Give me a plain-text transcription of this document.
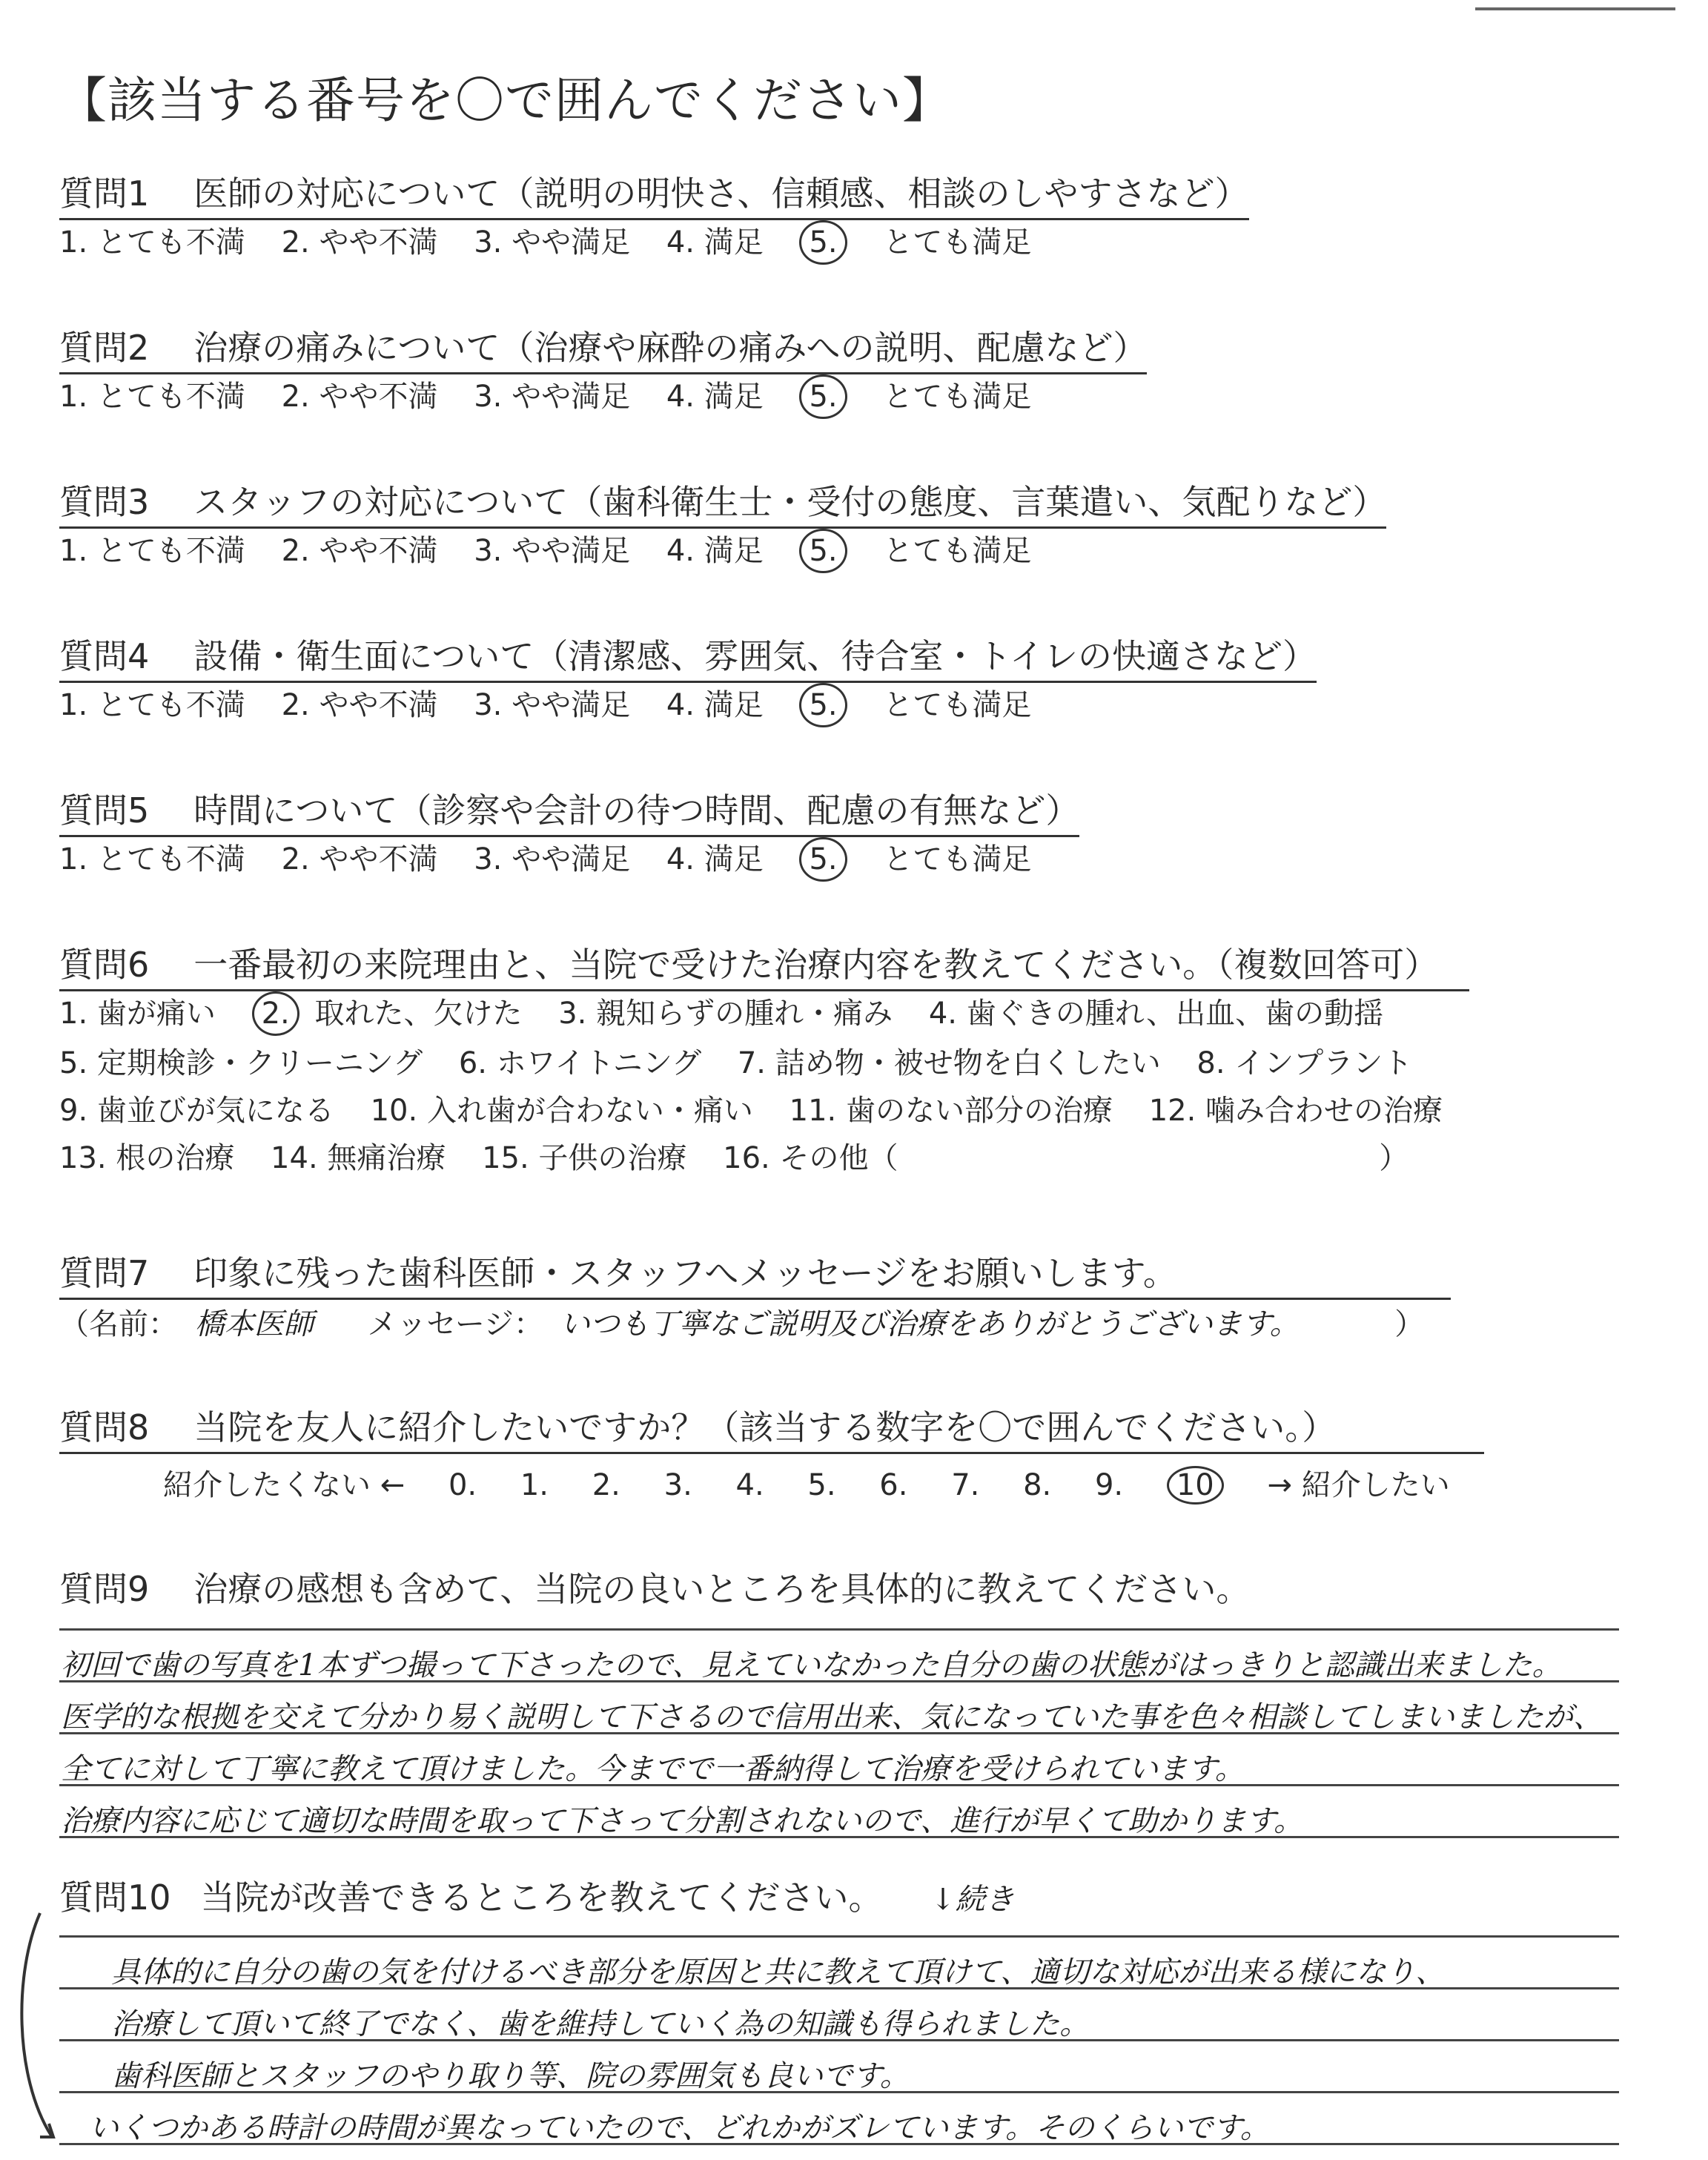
【該当する番号を〇で囲んでください】
質問1 医師の対応について（説明の明快さ、信頼感、相談のしやすさなど）
1. とても不満 2. やや不満 3. やや満足 4. 満足 5. とても満足
質問2 治療の痛みについて（治療や麻酔の痛みへの説明、配慮など）
1. とても不満 2. やや不満 3. やや満足 4. 満足 5. とても満足
質問3 スタッフの対応について（歯科衛生士・受付の態度、言葉遣い、気配りなど）
1. とても不満 2. やや不満 3. やや満足 4. 満足 5. とても満足
質問4 設備・衛生面について（清潔感、雰囲気、待合室・トイレの快適さなど）
1. とても不満 2. やや不満 3. やや満足 4. 満足 5. とても満足
質問5 時間について（診察や会計の待つ時間、配慮の有無など）
1. とても不満 2. やや不満 3. やや満足 4. 満足 5. とても満足
質問6 一番最初の来院理由と、当院で受けた治療内容を教えてください。（複数回答可）
1. 歯が痛い 2. 取れた、欠けた 3. 親知らずの腫れ・痛み 4. 歯ぐきの腫れ、出血、歯の動揺
5. 定期検診・クリーニング 6. ホワイトニング 7. 詰め物・被せ物を白くしたい 8. インプラント
9. 歯並びが気になる 10. 入れ歯が合わない・痛い 11. 歯のない部分の治療 12. 噛み合わせの治療
13. 根の治療 14. 無痛治療 15. 子供の治療 16. その他（	）
質問7 印象に残った歯科医師・スタッフへメッセージをお願いします。
（名前： 橋本医師 メッセージ： いつも丁寧なご説明及び治療をありがとうございます。	）
質問8 当院を友人に紹介したいですか？（該当する数字を〇で囲んでください。）
紹介したくない ← 0. 1. 2. 3. 4. 5. 6. 7. 8. 9. 10 → 紹介したい
質問9 治療の感想も含めて、当院の良いところを具体的に教えてください。
初回で歯の写真を1本ずつ撮って下さったので、見えていなかった自分の歯の状態がはっきりと認識出来ました。
医学的な根拠を交えて分かり易く説明して下さるので信用出来、気になっていた事を色々相談してしまいましたが、
全てに対して丁寧に教えて頂けました。今までで一番納得して治療を受けられています。
治療内容に応じて適切な時間を取って下さって分割されないので、進行が早くて助かります。
質問10 当院が改善できるところを教えてください。 ↓続き
具体的に自分の歯の気を付けるべき部分を原因と共に教えて頂けて、適切な対応が出来る様になり、
治療して頂いて終了でなく、歯を維持していく為の知識も得られました。
歯科医師とスタッフのやり取り等、院の雰囲気も良いです。
いくつかある時計の時間が異なっていたので、どれかがズレています。そのくらいです。
